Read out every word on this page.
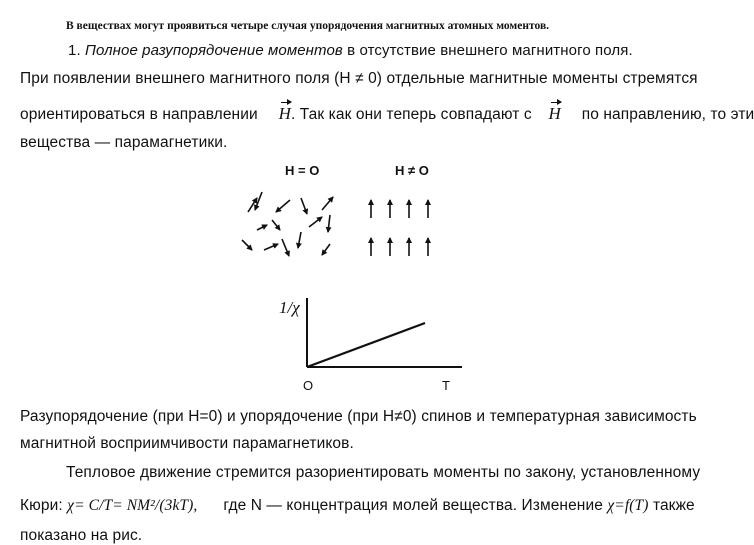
В веществах могут проявиться четыре случая упорядочения магнитных атомных моментов.
1. Полное разупорядочение моментов в отсутствие внешнего магнитного поля.
При появлении внешнего магнитного поля (H ≠ 0) отдельные магнитные моменты стремятся
ориентироваться в направлении H. Так как они теперь совпадают с H по направлению, то эти
вещества — парамагнетики.
H = O	H ≠ O
1/χ
O	T
Разупорядочение (при H=0) и упорядочение (при H≠0) спинов и температурная зависимость
магнитной восприимчивости парамагнетиков.
Тепловое движение стремится разориентировать моменты по закону, установленному
Кюри: χ= C/T= NM²/(3kT), где N — концентрация молей вещества. Изменение χ=f(T) также
показано на рис.
